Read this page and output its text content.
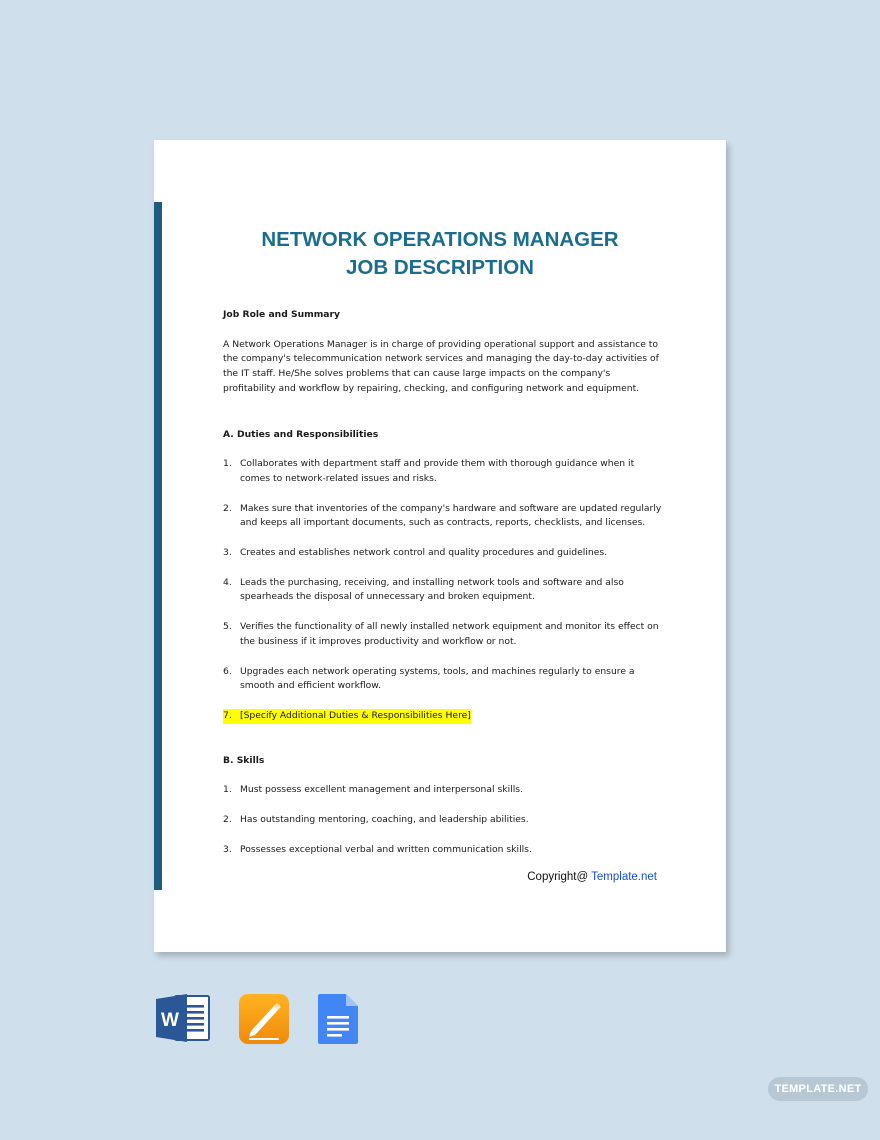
NETWORK OPERATIONS MANAGER
JOB DESCRIPTION

Job Role and Summary

A Network Operations Manager is in charge of providing operational support and assistance to the company's telecommunication network services and managing the day-to-day activities of the IT staff. He/She solves problems that can cause large impacts on the company's profitability and workflow by repairing, checking, and configuring network and equipment.

A. Duties and Responsibilities

1. Collaborates with department staff and provide them with thorough guidance when it comes to network-related issues and risks.
2. Makes sure that inventories of the company's hardware and software are updated regularly and keeps all important documents, such as contracts, reports, checklists, and licenses.
3. Creates and establishes network control and quality procedures and guidelines.
4. Leads the purchasing, receiving, and installing network tools and software and also spearheads the disposal of unnecessary and broken equipment.
5. Verifies the functionality of all newly installed network equipment and monitor its effect on the business if it improves productivity and workflow or not.
6. Upgrades each network operating systems, tools, and machines regularly to ensure a smooth and efficient workflow.
7. [Specify Additional Duties & Responsibilities Here]

B. Skills

1. Must possess excellent management and interpersonal skills.
2. Has outstanding mentoring, coaching, and leadership abilities.
3. Possesses exceptional verbal and written communication skills.
Copyright@ Template.net
W
TEMPLATE.NET
